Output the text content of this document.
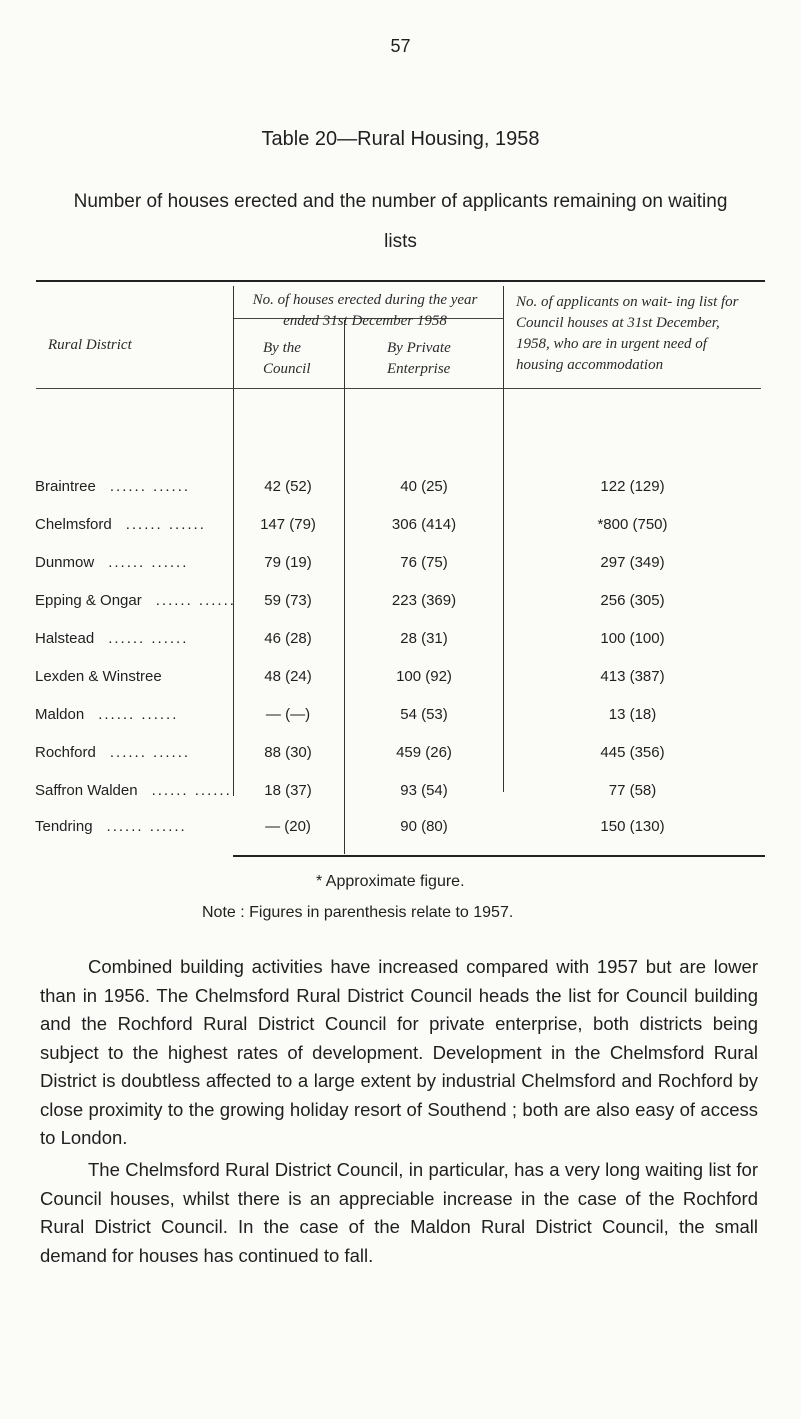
57
Table 20—Rural Housing, 1958
Number of houses erected and the number of applicants remaining on waiting lists
Rural District
No. of houses erected during the year ended 31st December 1958
By the Council
By Private Enterprise
No. of applicants on wait- ing list for Council houses at 31st December, 1958, who are in urgent need of housing accommodation
Braintree ...... ......	42 (52)	40 (25)	122 (129)
Chelmsford ...... ......	147 (79)	306 (414)	*800 (750)
Dunmow ...... ......	79 (19)	76 (75)	297 (349)
Epping & Ongar ...... ......	59 (73)	223 (369)	256 (305)
Halstead ...... ......	46 (28)	28 (31)	100 (100)
Lexden & Winstree	48 (24)	100 (92)	413 (387)
Maldon ...... ......	— (—)	54 (53)	13 (18)
Rochford ...... ......	88 (30)	459 (26)	445 (356)
Saffron Walden ...... ......	18 (37)	93 (54)	77 (58)
Tendring ...... ......	— (20)	90 (80)	150 (130)
* Approximate figure.
Note : Figures in parenthesis relate to 1957.
Combined building activities have increased compared with 1957 but are lower than in 1956. The Chelmsford Rural District Council heads the list for Council building and the Rochford Rural District Council for private enterprise, both districts being subject to the highest rates of development. Development in the Chelmsford Rural District is doubtless affected to a large extent by industrial Chelmsford and Rochford by close proximity to the growing holiday resort of Southend ; both are also easy of access to London.
The Chelmsford Rural District Council, in particular, has a very long waiting list for Council houses, whilst there is an appreciable increase in the case of the Rochford Rural District Council. In the case of the Maldon Rural District Council, the small demand for houses has continued to fall.
